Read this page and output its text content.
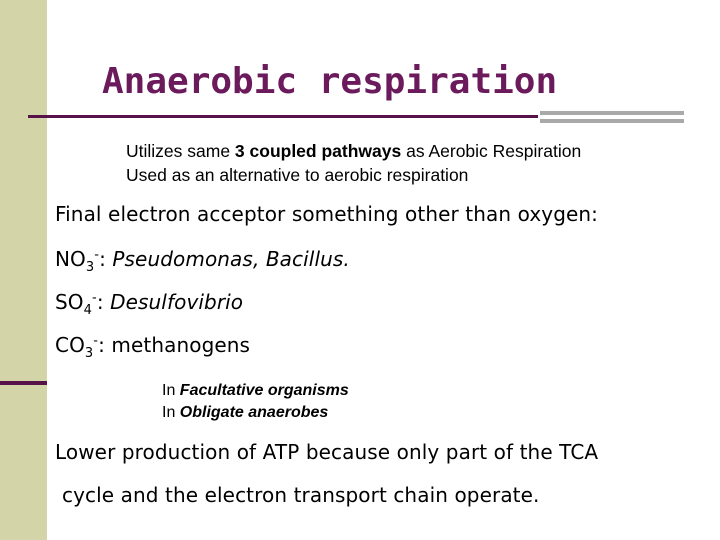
Anaerobic respiration
Utilizes same 3 coupled pathways as Aerobic Respiration
Used as an alternative to aerobic respiration
Final electron acceptor something other than oxygen:
$NO_3^-$: Pseudomonas, Bacillus.
$SO_4^-$: Desulfovibrio
$CO_3^-$: methanogens
In Facultative organisms
In Obligate anaerobes
Lower production of ATP because only part of the TCA
cycle and the electron transport chain operate.
